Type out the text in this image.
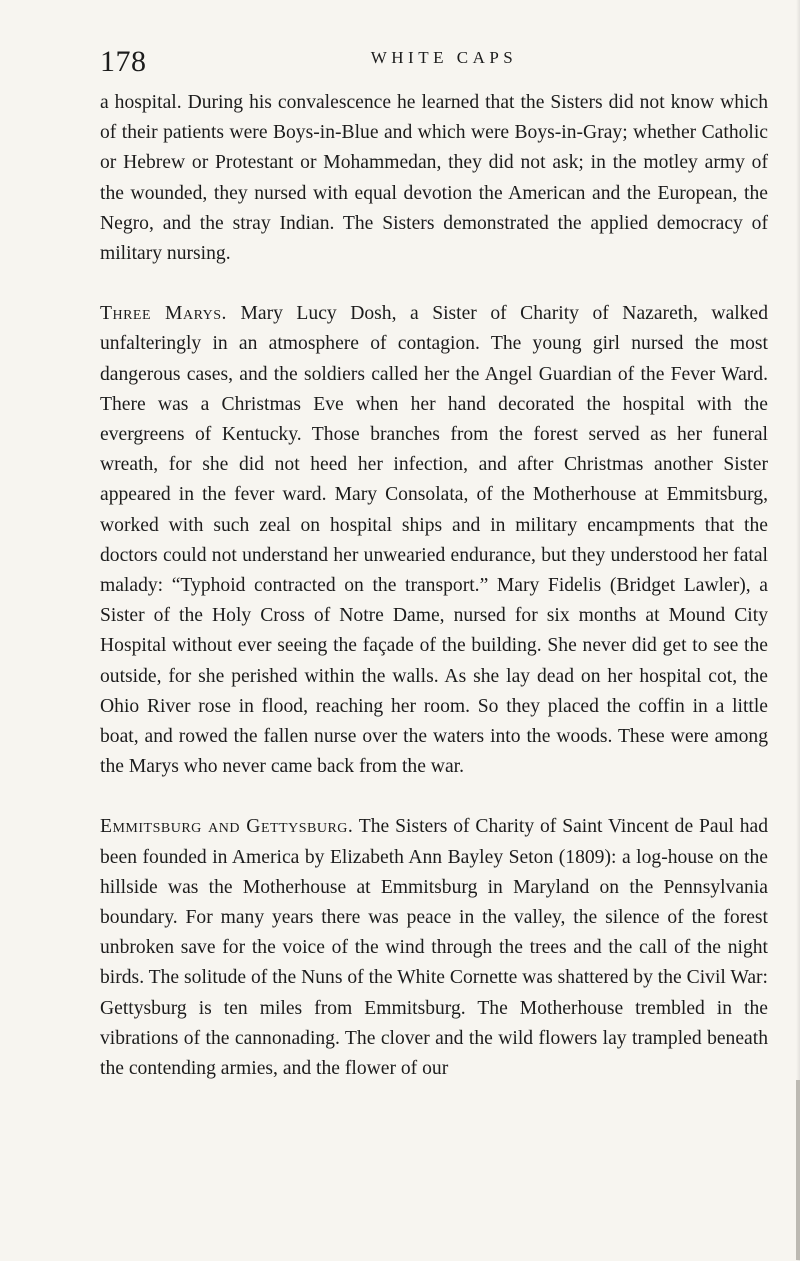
178	WHITE CAPS

a hospital. During his convalescence he learned that the Sisters did not know which of their patients were Boys-in-Blue and which were Boys-in-Gray; whether Catholic or Hebrew or Protestant or Mohammedan, they did not ask; in the motley army of the wounded, they nursed with equal devotion the American and the European, the Negro, and the stray Indian. The Sisters demonstrated the applied democracy of military nursing.

Three Marys. Mary Lucy Dosh, a Sister of Charity of Nazareth, walked unfalteringly in an atmosphere of contagion. The young girl nursed the most dangerous cases, and the soldiers called her the Angel Guardian of the Fever Ward. There was a Christmas Eve when her hand decorated the hospital with the evergreens of Kentucky. Those branches from the forest served as her funeral wreath, for she did not heed her infection, and after Christmas another Sister appeared in the fever ward. Mary Consolata, of the Motherhouse at Emmitsburg, worked with such zeal on hospital ships and in military encampments that the doctors could not understand her unwearied endurance, but they understood her fatal malady: “Typhoid contracted on the transport.” Mary Fidelis (Bridget Lawler), a Sister of the Holy Cross of Notre Dame, nursed for six months at Mound City Hospital without ever seeing the façade of the building. She never did get to see the outside, for she perished within the walls. As she lay dead on her hospital cot, the Ohio River rose in flood, reaching her room. So they placed the coffin in a little boat, and rowed the fallen nurse over the waters into the woods. These were among the Marys who never came back from the war.

Emmitsburg and Gettysburg. The Sisters of Charity of Saint Vincent de Paul had been founded in America by Elizabeth Ann Bayley Seton (1809): a log-house on the hillside was the Motherhouse at Emmitsburg in Maryland on the Pennsylvania boundary. For many years there was peace in the valley, the silence of the forest unbroken save for the voice of the wind through the trees and the call of the night birds. The solitude of the Nuns of the White Cornette was shattered by the Civil War: Gettysburg is ten miles from Emmitsburg. The Motherhouse trembled in the vibrations of the cannonading. The clover and the wild flowers lay trampled beneath the contending armies, and the flower of our
